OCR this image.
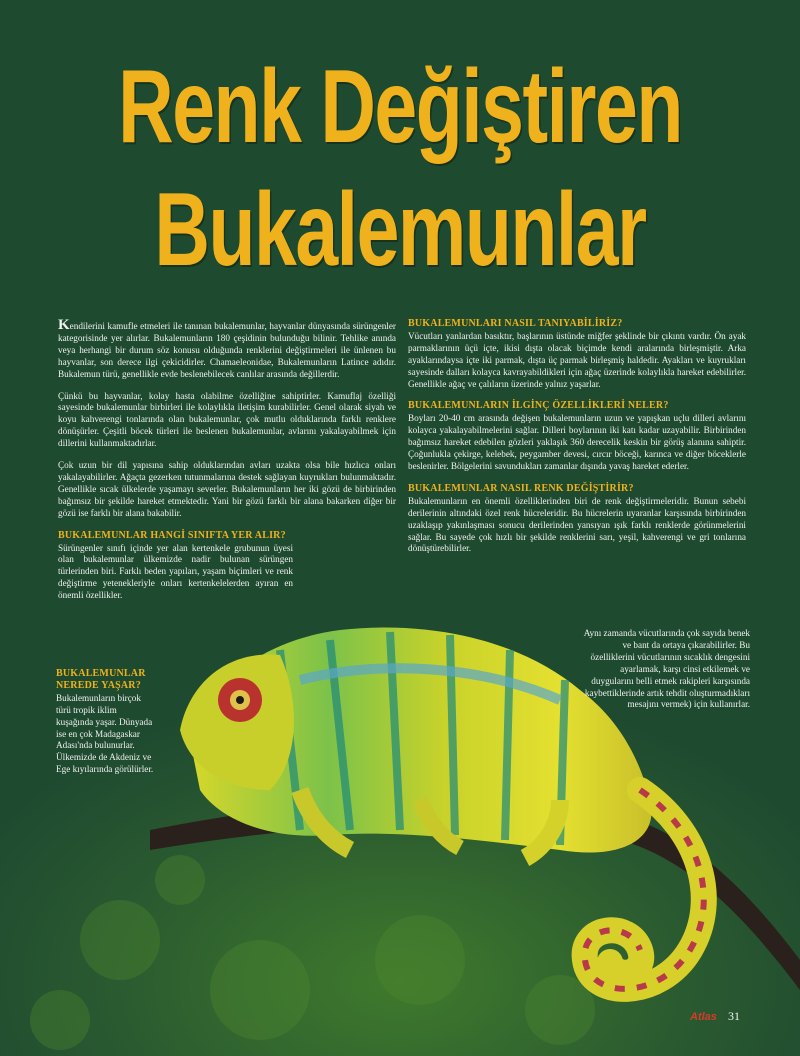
Renk Değiştiren
Bukalemunlar

Kendilerini kamufle etmeleri ile tanınan bukalemunlar, hayvanlar dünyasında sürüngenler kategorisinde yer alırlar. Bukalemunların 180 çeşidinin bulunduğu bilinir. Tehlike anında veya herhangi bir durum söz konusu olduğunda renklerini değiştirmeleri ile ünlenen bu hayvanlar, son derece ilgi çekicidirler. Chamaeleonidae, Bukalemunların Latince adıdır. Bukalemun türü, genellikle evde beslenebilecek canlılar arasında değillerdir.

Çünkü bu hayvanlar, kolay hasta olabilme özelliğine sahiptirler. Kamuflaj özelliği sayesinde bukalemunlar birbirleri ile kolaylıkla iletişim kurabilirler. Genel olarak siyah ve koyu kahverengi tonlarında olan bukalemunlar, çok mutlu olduklarında farklı renklere dönüşürler. Çeşitli böcek türleri ile beslenen bukalemunlar, avlarını yakalayabilmek için dillerini kullanmaktadırlar.

Çok uzun bir dil yapısına sahip olduklarından avları uzakta olsa bile hızlıca onları yakalayabilirler. Ağaçta gezerken tutunmalarına destek sağlayan kuyrukları bulunmaktadır. Genellikle sıcak ülkelerde yaşamayı severler. Bukalemunların her iki gözü de birbirinden bağımsız bir şekilde hareket etmektedir. Yani bir gözü farklı bir alana bakarken diğer bir gözü ise farklı bir alana bakabilir.

BUKALEMUNLAR HANGİ SINIFTA YER ALIR?

Sürüngenler sınıfı içinde yer alan kertenkele grubunun üyesi olan bukalemunlar ülkemizde nadir bulunan sürüngen türlerinden biri. Farklı beden yapıları, yaşam biçimleri ve renk değiştirme yetenekleriyle onları kertenkelelerden ayıran en önemli özellikler.

BUKALEMUNLAR NEREDE YAŞAR?

Bukalemunların birçok türü tropik iklim kuşağında yaşar. Dünyada ise en çok Madagaskar Adası'nda bulunurlar. Ülkemizde de Akdeniz ve Ege kıyılarında görülürler.

BUKALEMUNLARI NASIL TANIYABİLİRİZ?

Vücutları yanlardan basıktır, başlarının üstünde miğfer şeklinde bir çıkıntı vardır. Ön ayak parmaklarının üçü içte, ikisi dışta olacak biçimde kendi aralarında birleşmiştir. Arka ayaklarındaysa içte iki parmak, dışta üç parmak birleşmiş haldedir. Ayakları ve kuyrukları sayesinde dalları kolayca kavrayabildikleri için ağaç üzerinde kolaylıkla hareket edebilirler. Genellikle ağaç ve çalıların üzerinde yalnız yaşarlar.

BUKALEMUNLARIN İLGİNÇ ÖZELLİKLERİ NELER?

Boyları 20-40 cm arasında değişen bukalemunların uzun ve yapışkan uçlu dilleri avlarını kolayca yakalayabilmelerini sağlar. Dilleri boylarının iki katı kadar uzayabilir. Birbirinden bağımsız hareket edebilen gözleri yaklaşık 360 derecelik keskin bir görüş alanına sahiptir. Çoğunlukla çekirge, kelebek, peygamber devesi, cırcır böceği, karınca ve diğer böceklerle beslenirler. Bölgelerini savundukları zamanlar dışında yavaş hareket ederler.

BUKALEMUNLAR NASIL RENK DEĞİŞTİRİR?

Bukalemunların en önemli özelliklerinden biri de renk değiştirmeleridir. Bunun sebebi derilerinin altındaki özel renk hücreleridir. Bu hücrelerin uyaranlar karşısında birbirinden uzaklaşıp yakınlaşması sonucu derilerinden yansıyan ışık farklı renklerde görünmelerini sağlar. Bu sayede çok hızlı bir şekilde renklerini sarı, yeşil, kahverengi ve gri tonlarına dönüştürebilirler.

Aynı zamanda vücutlarında çok sayıda benek ve bant da ortaya çıkarabilirler. Bu özelliklerini vücutlarının sıcaklık dengesini ayarlamak, karşı cinsi etkilemek ve duygularını belli etmek rakipleri karşısında kaybettiklerinde artık tehdit oluşturmadıkları mesajını vermek) için kullanırlar.

Atlas 31
